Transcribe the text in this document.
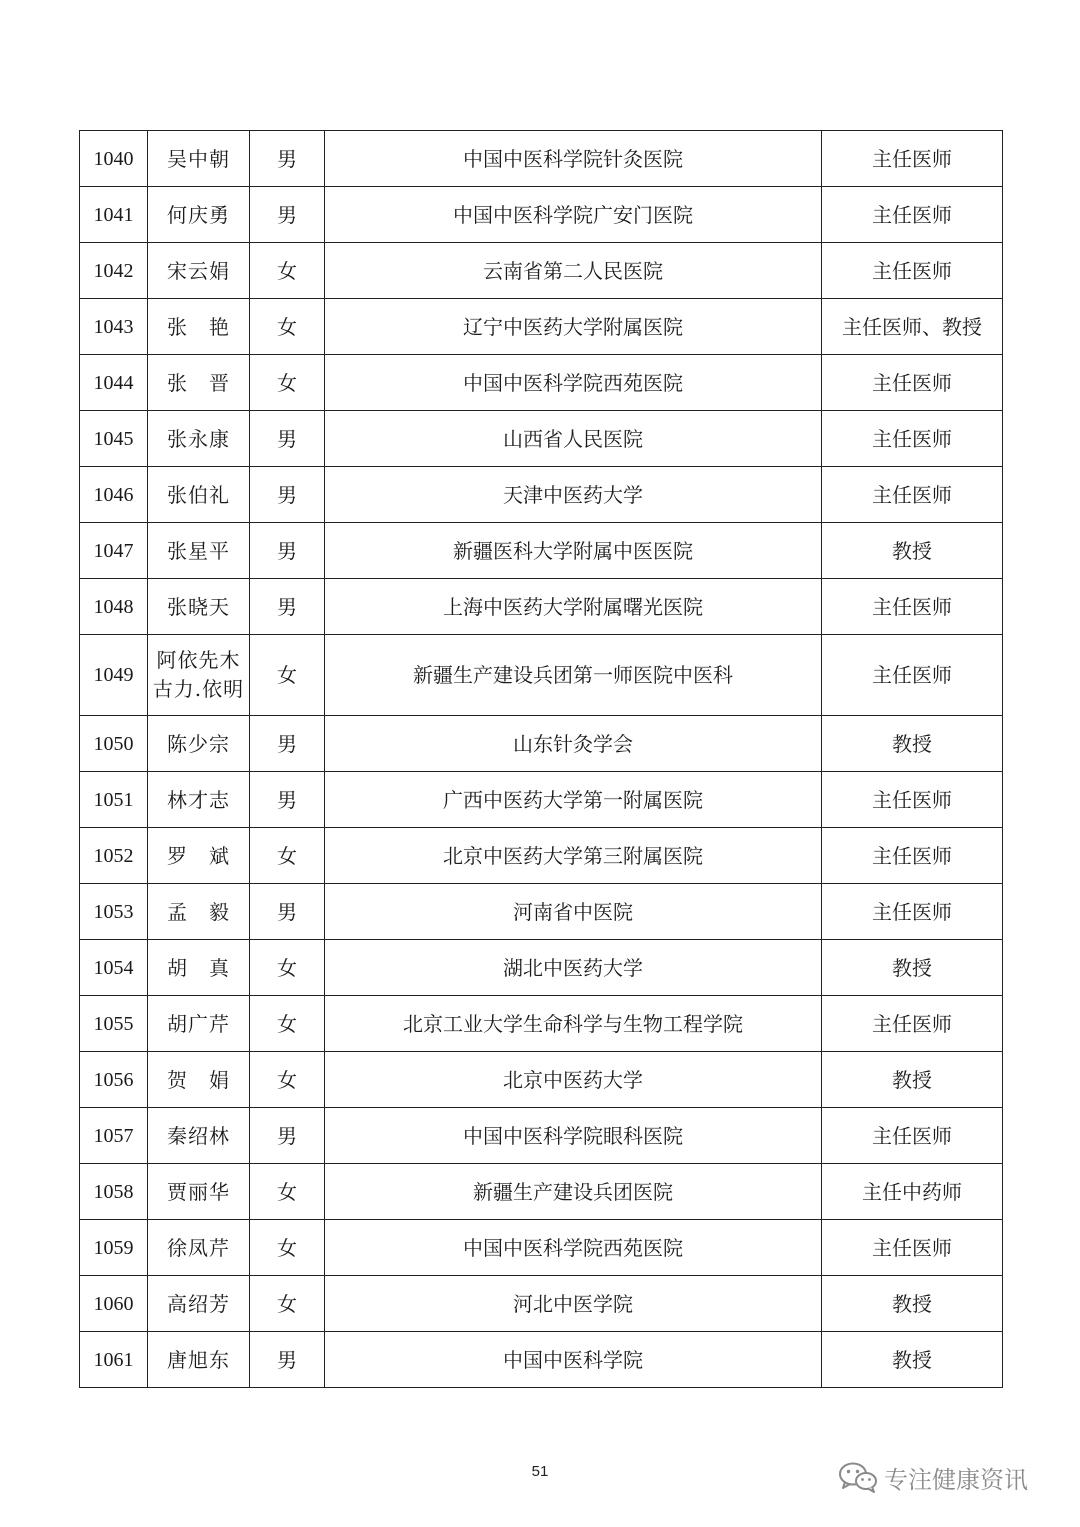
1040	吴中朝	男	中国中医科学院针灸医院	主任医师
1041	何庆勇	男	中国中医科学院广安门医院	主任医师
1042	宋云娟	女	云南省第二人民医院	主任医师
1043	张　艳	女	辽宁中医药大学附属医院	主任医师、教授
1044	张　晋	女	中国中医科学院西苑医院	主任医师
1045	张永康	男	山西省人民医院	主任医师
1046	张伯礼	男	天津中医药大学	主任医师
1047	张星平	男	新疆医科大学附属中医医院	教授
1048	张晓天	男	上海中医药大学附属曙光医院	主任医师
1049	阿依先木古力.依明	女	新疆生产建设兵团第一师医院中医科	主任医师
1050	陈少宗	男	山东针灸学会	教授
1051	林才志	男	广西中医药大学第一附属医院	主任医师
1052	罗　斌	女	北京中医药大学第三附属医院	主任医师
1053	孟　毅	男	河南省中医院	主任医师
1054	胡　真	女	湖北中医药大学	教授
1055	胡广芹	女	北京工业大学生命科学与生物工程学院	主任医师
1056	贺　娟	女	北京中医药大学	教授
1057	秦绍林	男	中国中医科学院眼科医院	主任医师
1058	贾丽华	女	新疆生产建设兵团医院	主任中药师
1059	徐凤芹	女	中国中医科学院西苑医院	主任医师
1060	高绍芳	女	河北中医学院	教授
1061	唐旭东	男	中国中医科学院	教授
51	专注健康资讯
